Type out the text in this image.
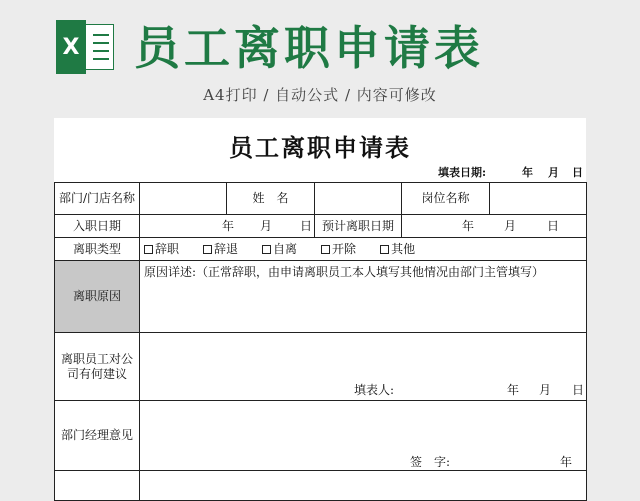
X 员工离职申请表
A4打印 / 自动公式 / 内容可修改
员工离职申请表
填表日期:	年 月 日
部门/门店名称		姓　名		岗位名称	
入职日期	年 月 日		预计离职日期	年 月 日	

离职类型	辞职 辞退 自离 开除 其他				
离职原因	原因详述:（正常辞职，由申请离职员工本人填写其他情况由部门主管填写）				
离职员工对公司有何建议	填表人: 年 月 日				

部门经理意见	签　字: 年				
